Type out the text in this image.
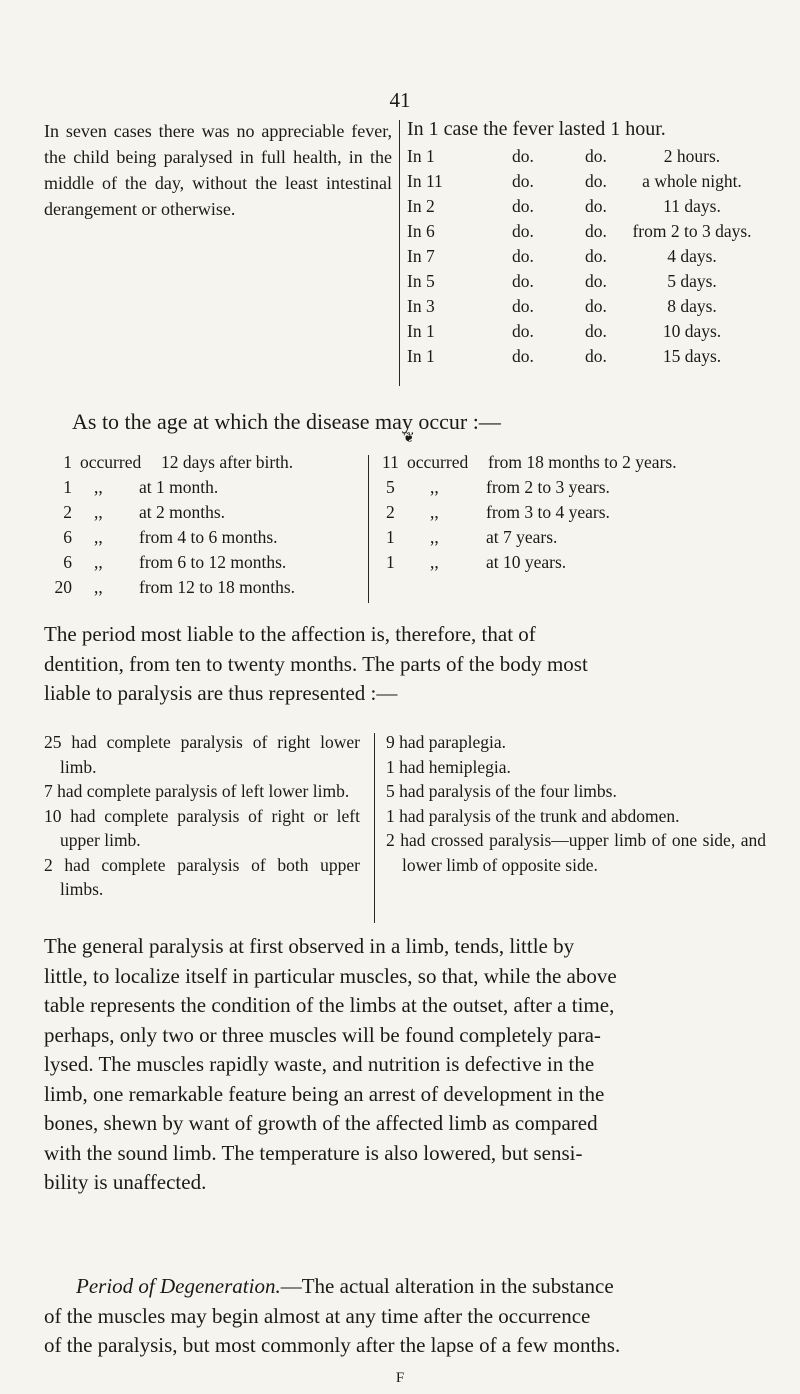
41
In seven cases there was no appreciable fever, the child being paralysed in full health, in the middle of the day, without the least intestinal derangement or otherwise.
In 1 case the fever lasted 1 hour.
In 1	do.	do.	2 hours.
In 11	do.	do.	a whole night.
In 2	do.	do.	11 days.
In 6	do.	do.	from 2 to 3 days.
In 7	do.	do.	4 days.
In 5	do.	do.	5 days.
In 3	do.	do.	8 days.
In 1	do.	do.	10 days.
In 1	do.	do.	15 days.
As to the age at which the disease may occur :—
❦
1 occurred 12 days after birth.
1 ,, at 1 month.
2 ,, at 2 months.
6 ,, from 4 to 6 months.
6 ,, from 6 to 12 months.
20 ,, from 12 to 18 months.
11 occurred from 18 months to 2 years.
5 ,,	from 2 to 3 years.
2 ,,	from 3 to 4 years.
1 ,,	at 7 years.
1 ,,	at 10 years.
The period most liable to the affection is, therefore, that of
dentition, from ten to twenty months. The parts of the body most
liable to paralysis are thus represented :—
25 had complete paralysis of right lower limb.
7 had complete paralysis of left lower limb.
10 had complete paralysis of right or left upper limb.
2 had complete paralysis of both upper limbs.
9 had paraplegia.
1 had hemiplegia.
5 had paralysis of the four limbs.
1 had paralysis of the trunk and abdomen.
2 had crossed paralysis—upper limb of one side, and lower limb of opposite side.
The general paralysis at first observed in a limb, tends, little by
little, to localize itself in particular muscles, so that, while the above
table represents the condition of the limbs at the outset, after a time,
perhaps, only two or three muscles will be found completely para-
lysed. The muscles rapidly waste, and nutrition is defective in the
limb, one remarkable feature being an arrest of development in the
bones, shewn by want of growth of the affected limb as compared
with the sound limb. The temperature is also lowered, but sensi-
bility is unaffected.
Period of Degeneration.—The actual alteration in the substance
of the muscles may begin almost at any time after the occurrence
of the paralysis, but most commonly after the lapse of a few months.
F
